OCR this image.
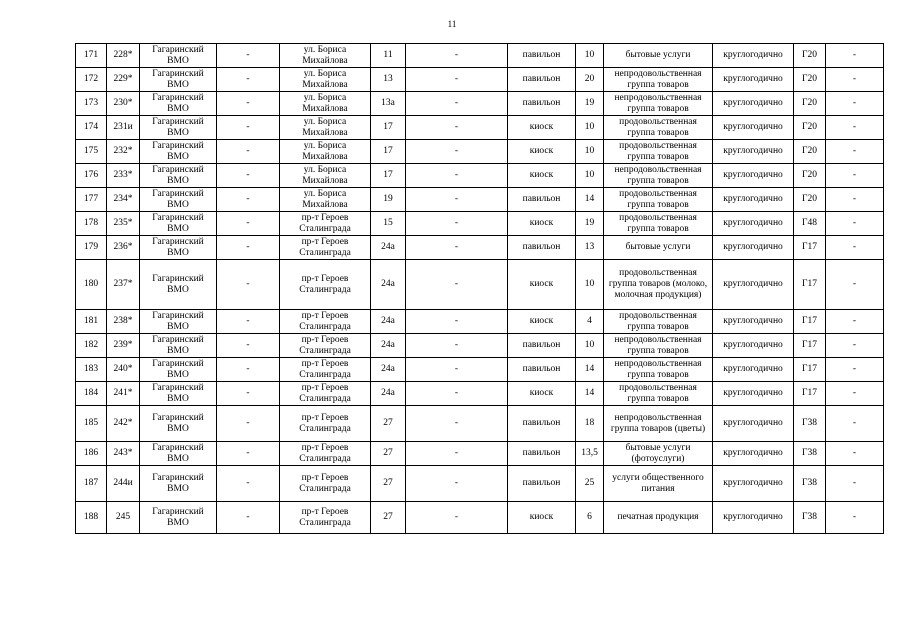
11
171	228*	Гагаринский ВМО	-	ул. Бориса Михайлова	11	-	павильон	10	бытовые услуги	круглогодично	Г20	-
172	229*	Гагаринский ВМО	-	ул. Бориса Михайлова	13	-	павильон	20	непродовольственная группа товаров	круглогодично	Г20	-
173	230*	Гагаринский ВМО	-	ул. Бориса Михайлова	13а	-	павильон	19	непродовольственная группа товаров	круглогодично	Г20	-
174	231и	Гагаринский ВМО	-	ул. Бориса Михайлова	17	-	киоск	10	продовольственная группа товаров	круглогодично	Г20	-
175	232*	Гагаринский ВМО	-	ул. Бориса Михайлова	17	-	киоск	10	продовольственная группа товаров	круглогодично	Г20	-
176	233*	Гагаринский ВМО	-	ул. Бориса Михайлова	17	-	киоск	10	непродовольственная группа товаров	круглогодично	Г20	-
177	234*	Гагаринский ВМО	-	ул. Бориса Михайлова	19	-	павильон	14	продовольственная группа товаров	круглогодично	Г20	-
178	235*	Гагаринский ВМО	-	пр-т Героев Сталинграда	15	-	киоск	19	продовольственная группа товаров	круглогодично	Г48	-
179	236*	Гагаринский ВМО	-	пр-т Героев Сталинграда	24а	-	павильон	13	бытовые услуги	круглогодично	Г17	-
180	237*	Гагаринский ВМО	-	пр-т Героев Сталинграда	24а	-	киоск	10	продовольственная группа товаров (молоко, молочная продукция)	круглогодично	Г17	-
181	238*	Гагаринский ВМО	-	пр-т Героев Сталинграда	24а	-	киоск	4	продовольственная группа товаров	круглогодично	Г17	-
182	239*	Гагаринский ВМО	-	пр-т Героев Сталинграда	24а	-	павильон	10	непродовольственная группа товаров	круглогодично	Г17	-
183	240*	Гагаринский ВМО	-	пр-т Героев Сталинграда	24а	-	павильон	14	непродовольственная группа товаров	круглогодично	Г17	-
184	241*	Гагаринский ВМО	-	пр-т Героев Сталинграда	24а	-	киоск	14	продовольственная группа товаров	круглогодично	Г17	-
185	242*	Гагаринский ВМО	-	пр-т Героев Сталинграда	27	-	павильон	18	непродовольственная группа товаров (цветы)	круглогодично	Г38	-
186	243*	Гагаринский ВМО	-	пр-т Героев Сталинграда	27	-	павильон	13,5	бытовые услуги (фотоуслуги)	круглогодично	Г38	-
187	244и	Гагаринский ВМО	-	пр-т Героев Сталинграда	27	-	павильон	25	услуги общественного питания	круглогодично	Г38	-
188	245	Гагаринский ВМО	-	пр-т Героев Сталинграда	27	-	киоск	6	печатная продукция	круглогодично	Г38	-
